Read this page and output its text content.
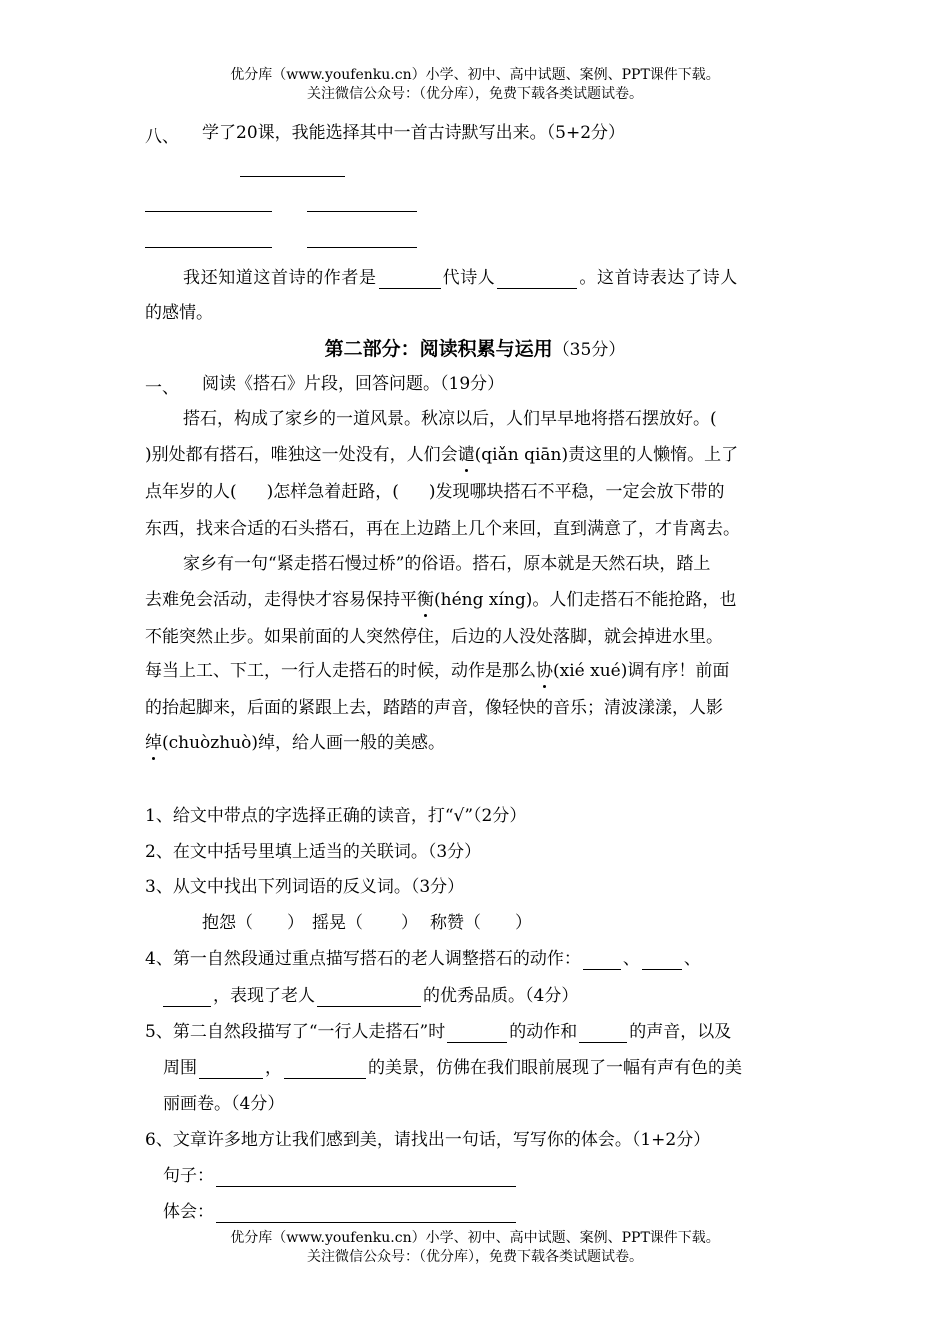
优分库（www.youfenku.cn）小学、初中、高中试题、案例、PPT课件下载。
关注微信公众号：（优分库），免费下载各类试题试卷。
八、 学了20课，我能选择其中一首古诗默写出来。（5+2分）
我还知道这首诗的作者是	代诗人	。这首诗表达了诗人
的感情。
第二部分：阅读积累与运用（35分）
一、 阅读《搭石》片段，回答问题。（19分）
搭石，构成了家乡的一道风景。秋凉以后，人们早早地将搭石摆放好。(
)别处都有搭石，唯独这一处没有，人们会谴(qiǎn qiān)责这里的人懒惰。上了
点年岁的人( )怎样急着赶路，( )发现哪块搭石不平稳，一定会放下带的
东西，找来合适的石头搭石，再在上边踏上几个来回，直到满意了，才肯离去。
家乡有一句“紧走搭石慢过桥”的俗语。搭石，原本就是天然石块，踏上
去难免会活动，走得快才容易保持平衡(héng xíng)。人们走搭石不能抢路，也
不能突然止步。如果前面的人突然停住，后边的人没处落脚，就会掉进水里。
每当上工、下工，一行人走搭石的时候，动作是那么协(xié xué)调有序！前面
的抬起脚来，后面的紧跟上去，踏踏的声音，像轻快的音乐；清波漾漾，人影
绰(chuòzhuò)绰，给人画一般的美感。
1、给文中带点的字选择正确的读音，打“√”（2分）
2、在文中括号里填上适当的关联词。（3分）
3、从文中找出下列词语的反义词。（3分）
抱怨（ ） 摇晃（ ） 称赞（ ）
4、第一自然段通过重点描写搭石的老人调整搭石的动作： 、	、
，表现了老人	的优秀品质。（4分）
5、第二自然段描写了“一行人走搭石”时	的动作和	的声音，以及
周围	，	的美景，仿佛在我们眼前展现了一幅有声有色的美
丽画卷。（4分）
6、文章许多地方让我们感到美，请找出一句话，写写你的体会。（1+2分）
句子：
体会：
优分库（www.youfenku.cn）小学、初中、高中试题、案例、PPT课件下载。
关注微信公众号：（优分库），免费下载各类试题试卷。
